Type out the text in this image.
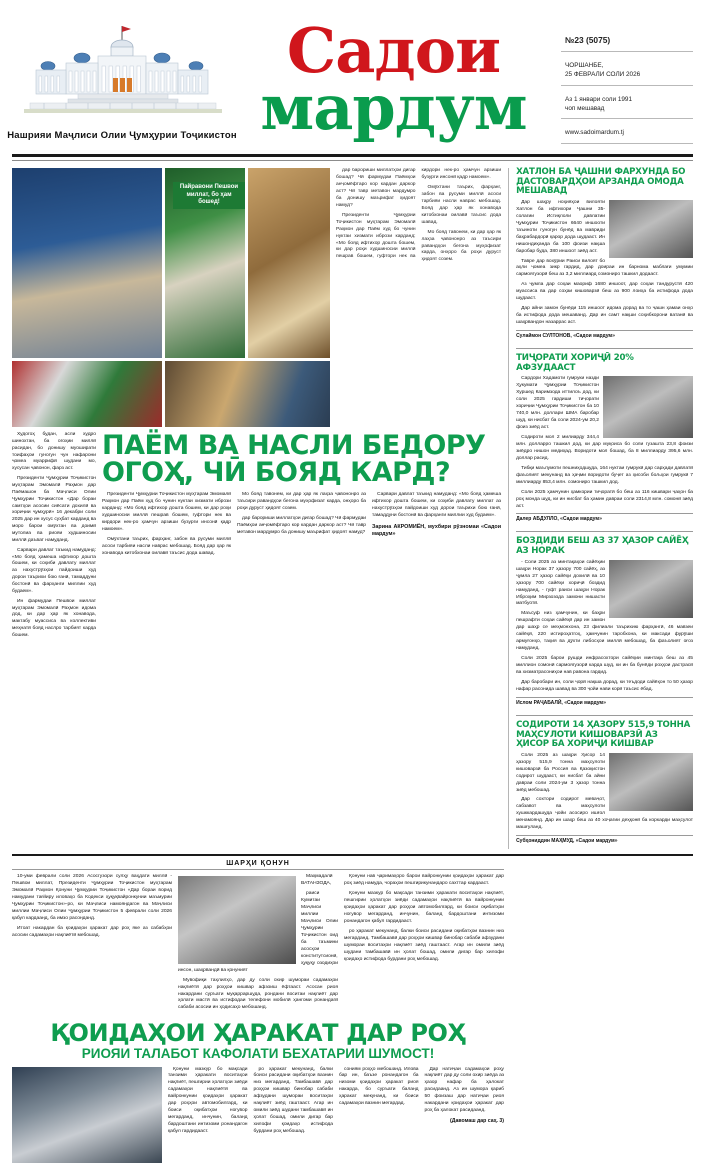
Нашрияи Маҷлиси Олии Ҷумҳурии Тоҷикистон
Садои
мардум
№23 (5075)
ЧОРШАНБЕ,
25 ФЕВРАЛИ СОЛИ 2026
Аз 1 январи соли 1991
чоп мешавад
www.sadoimardum.tj
Пайравони Пешвои миллат, бо ҳам бошед!

дар барориши миллатҳои дигар бошад? Чӣ фармудаи Паёмҳои анҷомёфтаро кор кардан даркор аст? Чӣ тавр метавон мардумро ба донишу маърифат ҳидоят намуд?

Президенти Ҷумҳурии Тоҷикистон муҳтарам Эмомалӣ Раҳмон дар Паём худ бо чунин нуктаи хизмати ибрози карданд: «Мо бояд ифтихор дошта бошем, ки дар роҳи худшиносии миллӣ пешрав бошем, гуфтори нек ва кирдори нек-ро ҳамчун арзиши бузурги инсонӣ қадр намоем».

Омӯхтани таърих, фарҳанг, забон ва русуми миллӣ асоси тарбияи насли наврас мебошад. Бояд дар ҳар як хонавода китобхонаи оилавӣ таъсис дода шавад.

Мо бояд тавонем, ки дар ҳар як лаҳза ҷавононро аз таъсири равандҳои бегона муҳофизат карда, онҳоро ба роҳи дуруст ҳидоят созем.

Худогоҳ будан, асли худро шинохтан, ба огоҳии миллӣ расидан, бо донишу муоширати тоифаҳои гуногун чун нафарони ҷомеа муаррифӣ шудани мо, хусусан ҷавонон, фарз аст.

Президенти Ҷумҳурии Тоҷикистон муҳтарам Эмомалӣ Раҳмон дар Паёмашон ба Маҷлиси Олии Ҷумҳурии Тоҷикистон «Дар бораи самтҳои асосии сиёсати дохилӣ ва хориҷии ҷумҳурӣ» 16 декабри соли 2025 дар ин хусус суҳбат карданд ва моро барои омӯхтан ва доимӣ мутолиа ва риояи худшиносии миллӣ даъват намуданд.

Сарвари давлат таъкид намуданд: «Мо бояд ҳамеша ифтихор дошта бошем, ки соҳиби давлату миллат аз нахустрӯзҳои пайдоиши худ дорои таърихи бою ғанӣ, тамаддуни бостонӣ ва фарҳанги миллии худ будаем».

Ин фармудаи Пешвои миллат муҳтарам Эмомалӣ Раҳмон идома дод, ки дар ҳар як хонавода, мактабу муассиса ва коллективи меҳнатӣ бояд наслро тарбият карда бошем.

ПАЁМ ВА НАСЛИ БЕДОРУ ОГОҲ, ЧӢ БОЯД КАРД?

Президенти Ҷумҳурии Тоҷикистон муҳтарам Эмомалӣ Раҳмон дар Паём худ бо чунин нуктаи хизмати ибрози карданд: «Мо бояд ифтихор дошта бошем, ки дар роҳи худшиносии миллӣ пешрав бошем, гуфтори нек ва кирдори нек-ро ҳамчун арзиши бузурги инсонӣ қадр намоем».

Омӯхтани таърих, фарҳанг, забон ва русуми миллӣ асоси тарбияи насли наврас мебошад. Бояд дар ҳар як хонавода китобхонаи оилавӣ таъсис дода шавад.

Мо бояд тавонем, ки дар ҳар як лаҳза ҷавононро аз таъсири равандҳои бегона муҳофизат карда, онҳоро ба роҳи дуруст ҳидоят созем.

дар барориши миллатҳои дигар бошад? Чӣ фармудаи Паёмҳои анҷомёфтаро кор кардан даркор аст? Чӣ тавр метавон мардумро ба донишу маърифат ҳидоят намуд?

Сарвари давлат таъкид намуданд: «Мо бояд ҳамеша ифтихор дошта бошем, ки соҳиби давлату миллат аз нахустрӯзҳои пайдоиши худ дорои таърихи бою ғанӣ, тамаддуни бостонӣ ва фарҳанги миллии худ будаем».

Зарина АКРОМИЁН, мухбири рӯзномаи «Садои мардум»
ХАТЛОН БА ҶАШНИ ФАРХУНДА БО ДАСТОВАРДҲОИ АРЗАНДА ОМОДА МЕШАВАД

Дар шаҳру ноҳияҳои вилояти Хатлон ба ифтихори Ҷашни 35-солагии Истиқлоли давлатии Ҷумҳурии Тоҷикистон 6640 иншооти таъиноти гуногун бунёд ва мавриди баҳрабардорӣ қарор дода шудааст. Ин нишондиҳанда ба 100 фоизи нақша баробар буда, 380 иншоот зиёд аст.

Тавре дар вохӯрии Раиси вилоят бо аҳли ҷомеа зикр гардид, дар доираи ин барнома маблағи умумии сармоягузорӣ беш аз 3,2 миллиард сомониро ташкил додааст.

Аз ҷумла дар соҳаи маориф 1680 иншоот, дар соҳаи тандурустӣ 420 муассиса ва дар соҳаи кишоварзӣ беш аз 900 лоиҳа ба истифода дода шудааст.

Дар айни замон бунёди 115 иншоот идома дорад ва то ҷашн ҳамаи онҳо ба истифода дода мешаванд. Дар ин самт нақши соҳибкорони ватанӣ ва шаҳрвандон назаррас аст.

Сулаймон СУЛТОНОВ, «Садои мардум»
ТИҶОРАТИ ХОРИҶӢ 20% АФЗУДААСТ

Сардори Хадамоти гумруки назди Ҳукумати Ҷумҳурии Тоҷикистон Хуршед Каримзода иттилоъ дод, ки соли 2025 гардиши тиҷорати хориҷии Ҷумҳурии Тоҷикистон ба 10 740,0 млн. доллари ШМА баробар шуд, ки нисбат ба соли 2024-ум 20,2 фоиз зиёд аст.

Содироти мол 2 милиарду 344,4 млн. долларро ташкил дод, ки дар муқоиса бо соли гузашта 23,8 фоизи зиёдро нишон медиҳад. Воридоти мол бошад, ба 8 миллиарду 395,6 млн. доллар расид.

Тибқи маълумоти пешниҳодшуда, 164 нуктаи гумрукӣ дар сарҳади давлатӣ фаъолият мекунанд ва ҳаҷми воридоти буҷет аз ҳисоби бољҳои гумрукӣ 7 миллиарду 853,4 млн. сомониро ташкил дод.

Соли 2025 ҳамчунин ҳамкории тиҷоратӣ бо беш аз 116 кишвари ҷаҳон ба роҳ монда шуд, ки ин нисбат ба ҳамин давраи соли 2314,8 млн. сомонӣ зиёд аст.

Далер АБДУЛЛО, «Садои мардум»
БОЗДИДИ БЕШ АЗ 37 ҲАЗОР САЙЁҲ АЗ НОРАК

- Соли 2025 аз минтақаҳои сайёҳии шаҳри Норак 37 ҳазору 700 сайёҳ, аз ҷумла 27 ҳазор сайёҳи дохилӣ ва 10 ҳазору 700 сайёҳи хориҷӣ боздид намуданд, - гуфт раиси шаҳри Норак Иброҳим Мирзозода замони нишасти матбуотӣ.

Маъсуф низ ҳамчунин, ки баҳри пешрафти соҳаи сайёҳӣ дар ин замон дар шаҳр се меҳмонхона, 23 филиали таърихию фарҳангӣ, 46 мавзеи сайёҳӣ, 220 истироҳатгоҳ, ҳамчунин таробхона, ки максади фурӯши армуғонҳо, таҳия ва дӯхти либосҳои миллӣ мебошад, ба фаъолият оғоз намуданд.

Соли 2025 барои рушди инфрасохтори сайёҳии минтақа беш аз 45 миллион сомонӣ сармоягузорӣ карда шуд, ки ин ба бунёди роҳҳои дастрасӣ ва хизматрасониҳои нав равона гардид.

Дар баробари ин, соли ҷорӣ нақша дорад, ки теъдоди сайёҳон то 50 ҳазор нафар расонида шавад ва 300 ҷойи нави корӣ таъсис ёбад.

Ислом РАҶАБАЛӢ, «Садои мардум»
СОДИРОТИ 14 ҲАЗОРУ 515,9 ТОННА МАҲСУЛОТИ КИШОВАРЗӢ АЗ ҲИСОР БА ХОРИҶИ КИШВАР

Соли 2025 аз шаҳри Ҳисор 14 ҳазору 515,9 тонна маҳсулоти кишоварзӣ ба Россия ва Қазоқистон содирот шудааст, ки нисбат ба айни давраи соли 2024-ум 3 ҳазор тонна зиёд мебошад.

Дар сохтори содирот меваҷот, сабзавот ва маҳсулоти хушккардашуда ҷойи асосиро ишғол менамоянд. Дар ин шаҳр беш аз 40 хоҷагии деҳқонӣ ба коркарди маҳсулот машғуланд.

Субҳониддин МАҲМУД, «Садои мардум»
ШАРҲИ ҚОНУН

10-уми феврали соли 2026 Асосгузори сулҳу ваҳдати миллӣ - Пешвои миллат, Президенти Ҷумҳурии Тоҷикистон муҳтарам Эмомалӣ Раҳмон Қонуни Ҷумҳурии Тоҷикистон «Дар бораи ворид намудани тағйиру иловаҳо ба Кодекси ҳуқуқвайронкунии маъмурии Ҷумҳурии Тоҷикистон»-ро, ки Маҷлиси намояндагон ва Маҷлиси миллии Маҷлиси Олии Ҷумҳурии Тоҷикистон 5 феврали соли 2026 қабул кардаанд, ба имзо расонданд.

Итоат накардан ба қоидаҳои ҳаракат дар роҳ яке аз сабабҳои асосии садамаҳои нақлиётӣ мебошад.

Маҳмадалӣ ВАТАНЗОДА,

раиси Кумитаи Маҷлиси миллии Маҷлиси Олии Ҷумҳурии Тоҷикистон оид ба таъмини асосҳои конститутсионӣ, ҳуқуқу озодиҳои инсон, шаҳрвандӣ ва қонуният

Мувофиқи таҳлилҳо, дар ду соли охир шумораи садамаҳои нақлиётӣ дар роҳҳои кишвар афзоиш ёфтааст. Асосан риоя накардани суръати муқарраршуда, рондани воситаи нақлиёт дар ҳолати мастӣ ва истифодаи телефони мобилӣ ҳангоми ронандагӣ сабаби асосии ин ҳодисаҳо мебошанд.

Қонуни нав ҷаримаҳоро барои вайронкунии қоидаҳои ҳаракат дар роҳ зиёд намуда, чораҳои пешгирикунандаро сахттар кардааст.

Қонуни мазкур бо мақсади танзими ҳаракати воситаҳои нақлиёт, пешгирии ҳолатҳои зиёди садамаҳои нақлиётӣ ва вайронкунии қоидаҳои ҳаракат дар роҳҳои автомобилгард, ки боиси оқибатҳои ногувор мегарданд, инчунин, баланд бардоштани интизоми ронандагон қабул гардидааст.

ро ҳаракат мекунанд, балки боиси расидани оқибатҳои вазнин низ мегарданд. Тамбашавӣ дар роҳҳои кишвар бинобар сабаби афзудани шумораи воситаҳои нақлиёт зиёд гаштааст. Агар ин омили зиёд шудани тамбашавӣ ин ҳолат бошад, омили дигар бар хилофи қоидаҳо истифода бурдани роҳ мебошад.

ҚОИДАҲОИ ҲАРАКАТ ДАР РОҲ
РИОЯИ ТАЛАБОТ КАФОЛАТИ БЕХАТАРИИ ШУМОСТ!

Қонуни мазкур бо мақсади танзими ҳаракати воситаҳои нақлиёт, пешгирии ҳолатҳои зиёди садамаҳои нақлиётӣ ва вайронкунии қоидаҳои ҳаракат дар роҳҳои автомобилгард, ки боиси оқибатҳои ногувор мегарданд, инчунин, баланд бардоштани интизоми ронандагон қабул гардидааст.

ро ҳаракат мекунанд, балки боиси расидани оқибатҳои вазнин низ мегарданд. Тамбашавӣ дар роҳҳои кишвар бинобар сабаби афзудани шумораи воситаҳои нақлиёт зиёд гаштааст. Агар ин омили зиёд шудани тамбашавӣ ин ҳолат бошад, омили дигар бар хилофи қоидаҳо истифода бурдани роҳ мебошад.

сониям роҳҳо мебошанд. Илова бар ин, баъзе ронандагон ба низоми қоидаҳои ҳаракат риоя накарда, бо суръати баланд ҳаракат мекунанд, ки боиси садамаҳои вазнин мегардад.

Дар натиҷаи садамаҳои роҳу нақлиёт дар ду соли охир зиёда аз ҳазор нафар ба ҳалокат расидаанд. Аз ин шумора қариб 50 фоизаш дар натиҷаи риоя накардани қоидаҳои ҳаракат дар роҳ ба ҳалокат расидаанд.

(Давомаш дар саҳ. 3)
